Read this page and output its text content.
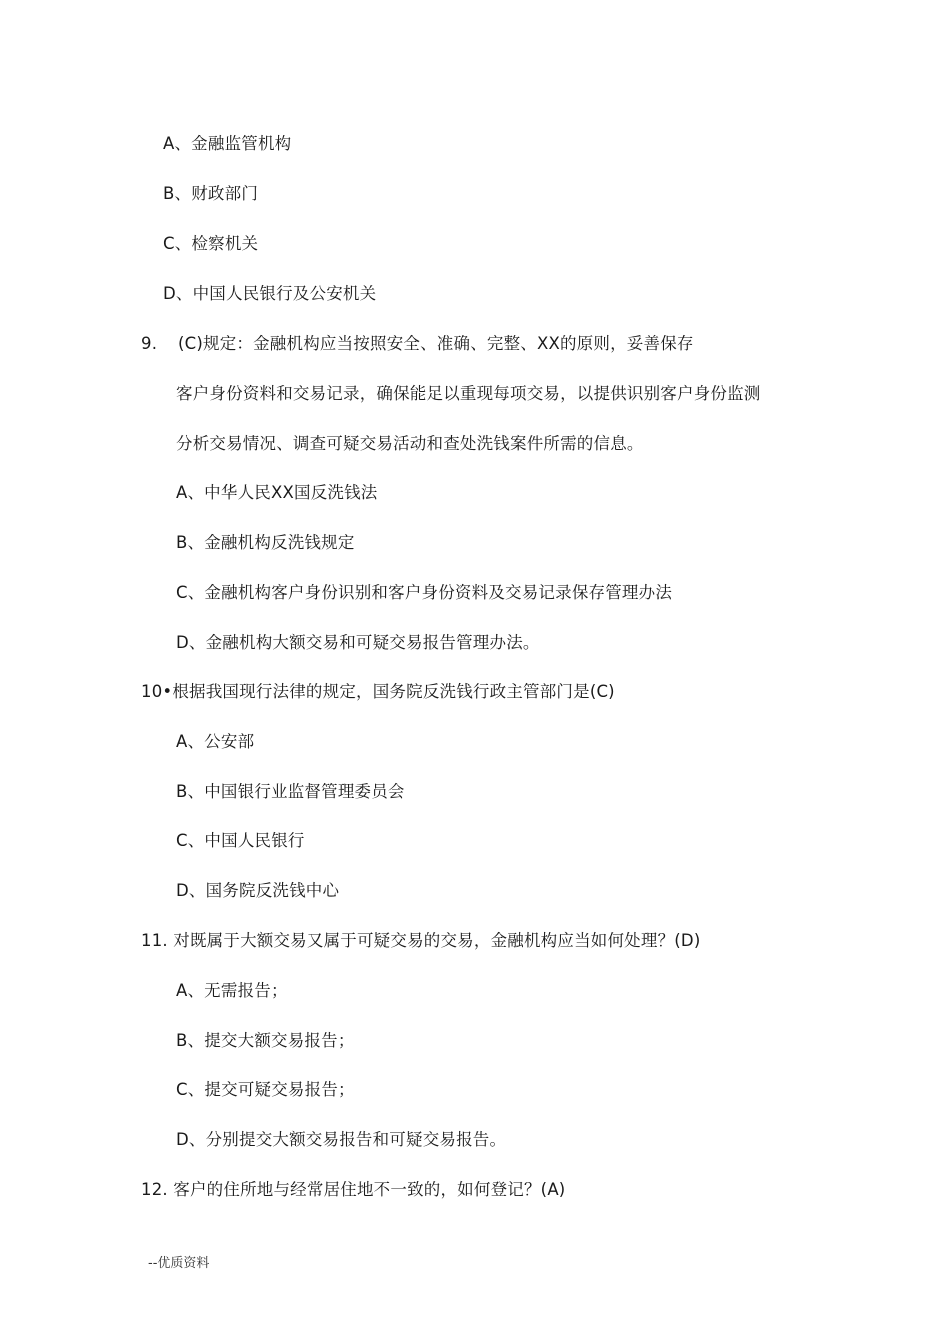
A、金融监管机构
B、财政部门
C、检察机关
D、中国人民银行及公安机关
9. (C)规定：金融机构应当按照安全、准确、完整、XX的原则，妥善保存
客户身份资料和交易记录，确保能足以重现每项交易，以提供识别客户身份监测
分析交易情况、调查可疑交易活动和查处洗钱案件所需的信息。
A、中华人民XX国反洗钱法
B、金融机构反洗钱规定
C、金融机构客户身份识别和客户身份资料及交易记录保存管理办法
D、金融机构大额交易和可疑交易报告管理办法。
10•根据我国现行法律的规定，国务院反洗钱行政主管部门是(C)
A、公安部
B、中国银行业监督管理委员会
C、中国人民银行
D、国务院反洗钱中心
11. 对既属于大额交易又属于可疑交易的交易，金融机构应当如何处理？(D)
A、无需报告；
B、提交大额交易报告；
C、提交可疑交易报告；
D、分别提交大额交易报告和可疑交易报告。
12. 客户的住所地与经常居住地不一致的，如何登记？(A)
--优质资料
